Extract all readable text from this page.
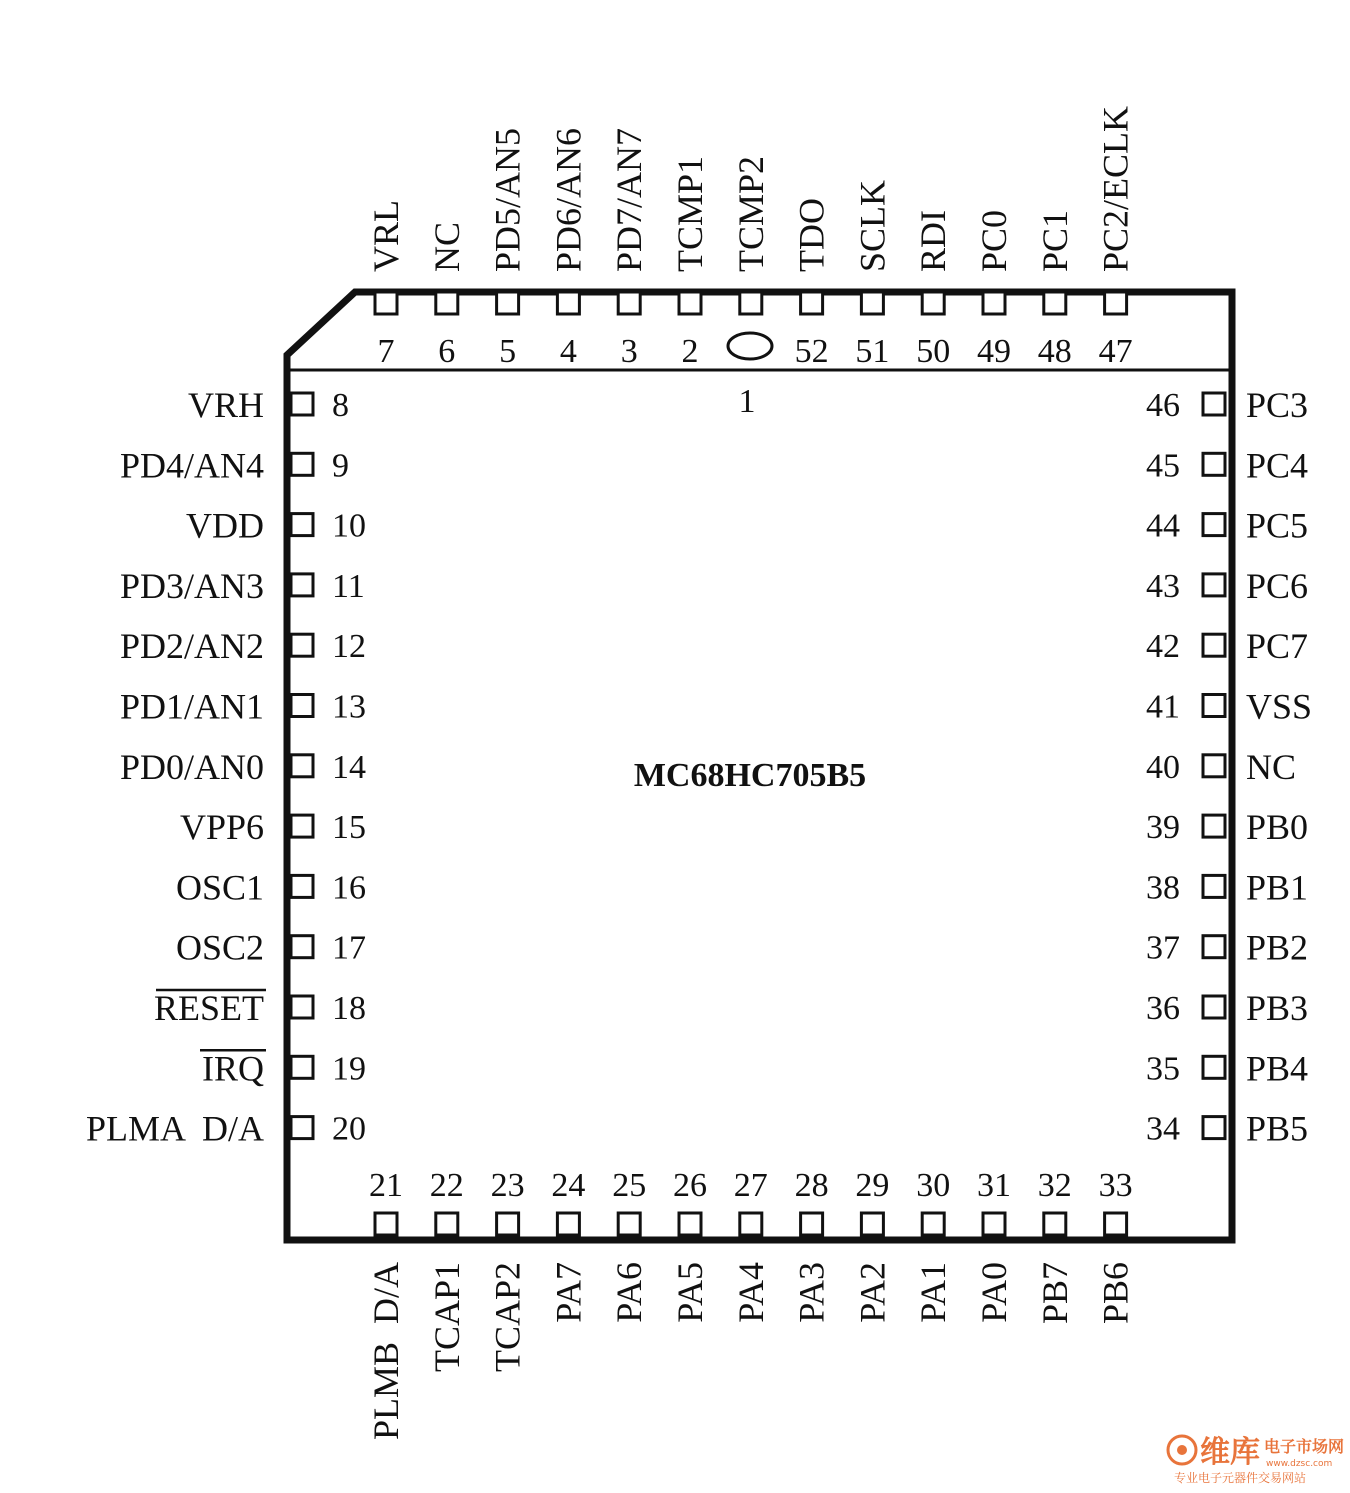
1
MC68HC705B5
7
VRL
6
NC
5
PD5/AN5
4
PD6/AN6
3
PD7/AN7
2
TCMP1 TCMP2
52
TDO
51
SCLK
50
RDI
49
PC0
48
PC1
47
PC2/ECLK
8
VRH
9
PD4/AN4
10
VDD
11
PD3/AN3
12
PD2/AN2
13
PD1/AN1
14
PD0/AN0
15
VPP6
16
OSC1
17
OSC2
18
RESET
19
IRQ
20
PLMA  D/A
46 PC3
45 PC4
44 PC5
43 PC6
42 PC7
41 VSS
40 NC
39 PB0
38 PB1
37 PB2
36 PB3
35 PB4
34 PB5
21
PLMB  D/A
22
TCAP1
23
TCAP2
24
PA7
25
PA6
26
PA5
27
PA4
28
PA3
29
PA2
30
PA1
31
PA0
32
PB7
33
PB6
维库 电子市场网
www.dzsc.com
专业电子元器件交易网站
